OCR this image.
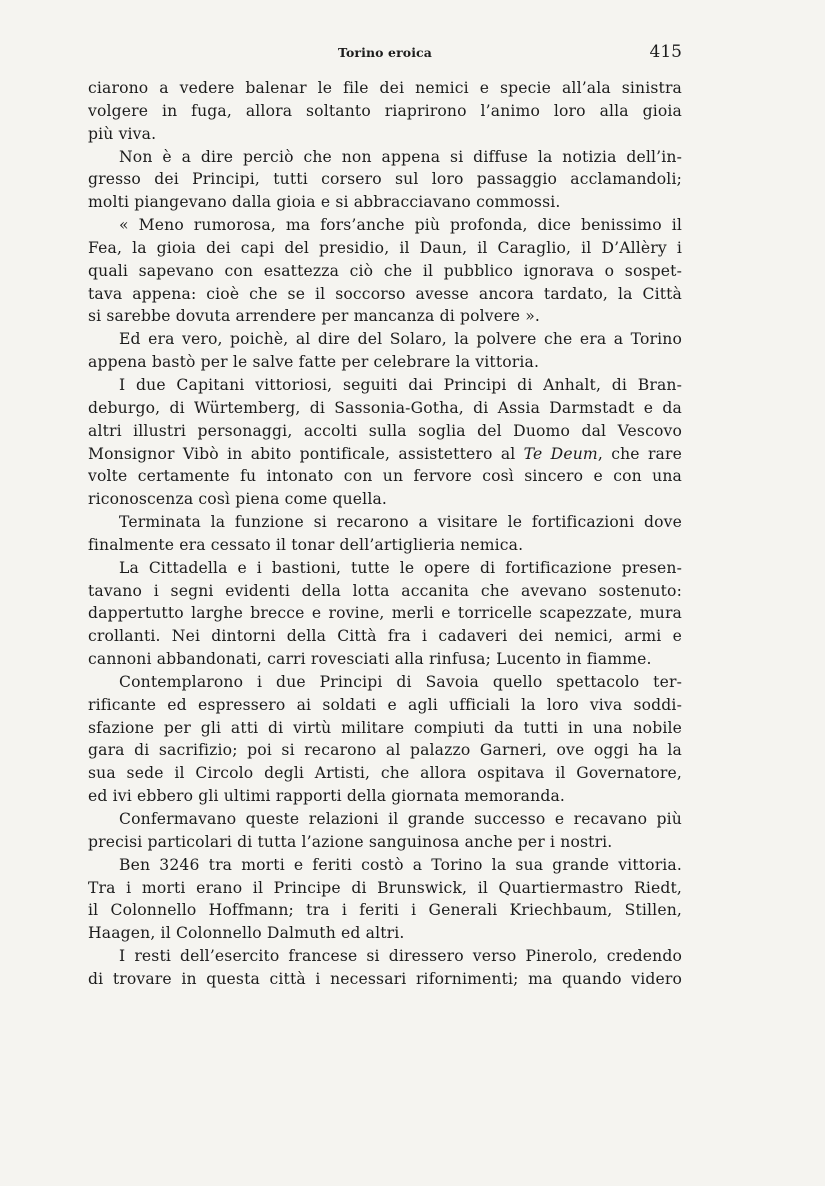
Torino eroica	415
ciarono a vedere balenar le file dei nemici e specie all’ala sinistra
volgere in fuga, allora soltanto riaprirono l’animo loro alla gioia
più viva.
Non è a dire perciò che non appena si diffuse la notizia dell’in-
gresso dei Principi, tutti corsero sul loro passaggio acclamandoli;
molti piangevano dalla gioia e si abbracciavano commossi.
« Meno rumorosa, ma fors’anche più profonda, dice benissimo il
Fea, la gioia dei capi del presidio, il Daun, il Caraglio, il D’Allèry i
quali sapevano con esattezza ciò che il pubblico ignorava o sospet-
tava appena: cioè che se il soccorso avesse ancora tardato, la Città
si sarebbe dovuta arrendere per mancanza di polvere ».
Ed era vero, poichè, al dire del Solaro, la polvere che era a Torino
appena bastò per le salve fatte per celebrare la vittoria.
I due Capitani vittoriosi, seguiti dai Principi di Anhalt, di Bran-
deburgo, di Würtemberg, di Sassonia-Gotha, di Assia Darmstadt e da
altri illustri personaggi, accolti sulla soglia del Duomo dal Vescovo
Monsignor Vibò in abito pontificale, assistettero al Te Deum, che rare
volte certamente fu intonato con un fervore così sincero e con una
riconoscenza così piena come quella.
Terminata la funzione si recarono a visitare le fortificazioni dove
finalmente era cessato il tonar dell’artiglieria nemica.
La Cittadella e i bastioni, tutte le opere di fortificazione presen-
tavano i segni evidenti della lotta accanita che avevano sostenuto:
dappertutto larghe brecce e rovine, merli e torricelle scapezzate, mura
crollanti. Nei dintorni della Città fra i cadaveri dei nemici, armi e
cannoni abbandonati, carri rovesciati alla rinfusa; Lucento in fiamme.
Contemplarono i due Principi di Savoia quello spettacolo ter-
rificante ed espressero ai soldati e agli ufficiali la loro viva soddi-
sfazione per gli atti di virtù militare compiuti da tutti in una nobile
gara di sacrifizio; poi si recarono al palazzo Garneri, ove oggi ha la
sua sede il Circolo degli Artisti, che allora ospitava il Governatore,
ed ivi ebbero gli ultimi rapporti della giornata memoranda.
Confermavano queste relazioni il grande successo e recavano più
precisi particolari di tutta l’azione sanguinosa anche per i nostri.
Ben 3246 tra morti e feriti costò a Torino la sua grande vittoria.
Tra i morti erano il Principe di Brunswick, il Quartiermastro Riedt,
il Colonnello Hoffmann; tra i feriti i Generali Kriechbaum, Stillen,
Haagen, il Colonnello Dalmuth ed altri.
I resti dell’esercito francese si diressero verso Pinerolo, credendo
di trovare in questa città i necessari rifornimenti; ma quando videro
